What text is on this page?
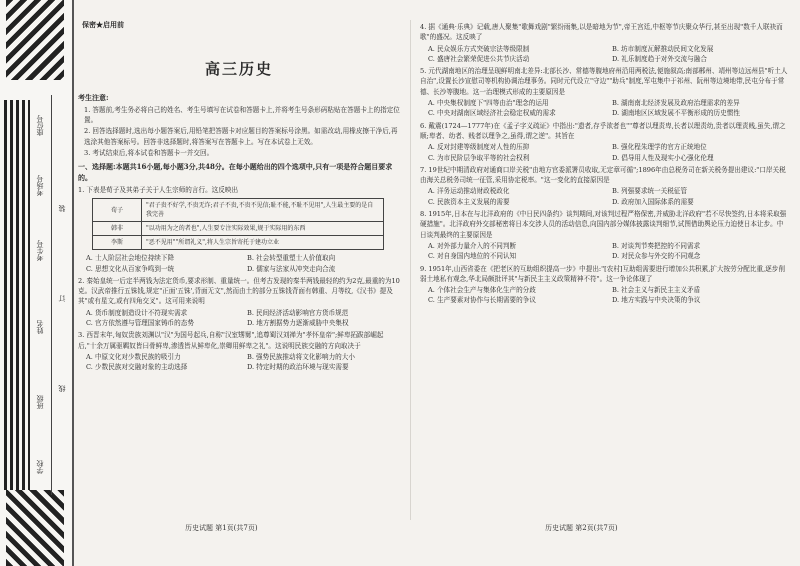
座位号
考场号
考生号
姓名
班级
学校
装
订
线
保密★启用前
高三历史
考生注意:
1. 答题前,考生务必将自己的姓名、考生号填写在试卷和答题卡上,并将考生号条形码粘贴在答题卡上的指定位置。
2. 回答选择题时,选出每小题答案后,用铅笔把答题卡对应题目的答案标号涂黑。如需改动,用橡皮擦干净后,再选涂其他答案标号。回答非选择题时,将答案写在答题卡上。写在本试卷上无效。
3. 考试结束后,将本试卷和答题卡一并交回。
一、选择题:本题共16小题,每小题3分,共48分。在每小题给出的四个选项中,只有一项是符合题目要求的。
1. 下表是荀子及其弟子关于人生宗师的言行。这反映出
荀子	"君子贵不好学,不贵无诈;君子不贵,不贵不见信;耻不能,不耻不见用",人生最主要的是自我完善
韩非	"以功用为之的者也",人生要专注实际效果,规于实际用的东西
李斯	"恶不见用""所谓礼义",将人生宗旨寄托于建功立业
A. 士人阶层社会地位持续下降	B. 社会转型重塑士人价值取向
C. 思想文化从百家争鸣到一统	D. 儒家与法家从冲突走向合流
2. 秦始皇统一后定半两钱为法定货币,要求形制、重量统一。但考古发现的秦半两钱最轻的约为2克,最重的为10克。汉武帝推行五铢钱,规定"正面'五铢',背面无文",然而由土的部分五铢钱背面有韩重、月等纹,《汉书》提及其"或有星文,或有四角交叉"。这可用来说明
A. 货币制度制造设计不符现实需求	B. 民间经济活动影响官方货币规范
C. 官方依然遵与管理国家铸币的态势	D. 地方割据势力逐渐威胁中央集权
3. 西晋末年,匈奴贵族刘渊以"汉"为国号起兵,自称"汉室甥舅",追尊蜀汉刘禅为"孝怀皇帝";鲜卑拓跋部崛起后,"十余万属驱羁奴皆曰骨鲜卑,渗透皆从鲜卑化,崇卿用鲜卑之礼"。这说明民族交融的方向取决于
A. 中原文化对少数民族的吸引力	B. 强势民族推动将文化影响力的大小
C. 少数民族对交融对象的主动选择	D. 特定时期的政治环境与现实需要
4. 据《通典·乐典》记载,唐人聚集"歌舞戏剧"繁纷雨集,以是暗地为节",帝王宫廷,中枢等节庆聚众华行,甚至出现"数千人联袂而歌"的盛况。这反映了
A. 民众娱乐方式突破宗法等级限制	B. 坊市制度瓦解推动民间文化发展
C. 盛唐社会繁荣促进公共节庆活动	D. 礼乐制度趋于对外交流与融合
5. 元代湖南地区的治理呈现鲜明南北差异:北部长沙、常德等腹地府州沿用两税法,便施叙高;南部郴州、靖州等边远州县"听土人自治",设置长沙宣慰司等机构协调治理事务。同时元代设立"守边""助兵"制度,军屯集中于祁州、阮州等边境地带,民屯分布于常德、长沙等腹地。这一治理模式形成的主要原因是
A. 中央集权制度下"四等由治"理念的运用	B. 湖南南北经济发展及政府治理需求的差异
C. 中央对湖南区域经济社会稳定权威的需求	D. 湖南地区区域发展不平衡形成的历史惯性
6. 戴震(1724—1777年)在《孟子字义疏证》中指出:"遗者,存乎欲者也""尊者以理责卑,长者以理责幼,贵者以理责贱,虽失,谓之顺;卑者、幼者、贱者以理争之,虽得,谓之逆"。其旨在
A. 反对封建等级制度对人性的压抑	B. 强化程朱理学的官方正统地位
C. 为市民阶层争取平等的社会权利	D. 倡导用人性及现实小心强化伦理
7. 19世纪中期清政府对通商口岸关税"由地方官委派署员收取,无定章可循";1896年由总税务司在新关税务提出建议:"口岸关税由海关总税务司统一征管,采用协定税率。"这一变化的直接原因是
A. 洋务运动推动财政税政化	B. 列强要求统一关税征管
C. 民族资本主义发展的需要	D. 政府加入国际体系的需要
8. 1915年,日本在与北洋政府的《中日民四条约》谈判期间,对该判过程严格保密,并威胁北洋政府"若不尽快签约,日本将采取强硬措施"。北洋政府外交部秘密将日本交涉人员的活动信息,向国内部分媒体披露谈判细节,试图借助舆论压力迫使日本让步。中日谈判最终的主要原因是
A. 对外部力量介入的不同判断	B. 对谈判节奏把控的不同需求
C. 对自身国内地位的不同认知	D. 对民众参与外交的不同观念
9. 1951年,山西省委在《把老区的互助组织提高一步》中提出:"[农村]互助组需要进行增加公共积累,扩大按劳分配比重,逐步削弱土地私有观念,华北局颇批评其"与新民主主义政策精神不符"。这一争论体现了
A. 个体社会生产与集体化生产的分歧	B. 社会主义与新民主主义矛盾
C. 生产要素对协作与长期需要的争议	D. 地方实践与中央决策的争议
历史试题 第1页(共7页)	历史试题 第2页(共7页)
